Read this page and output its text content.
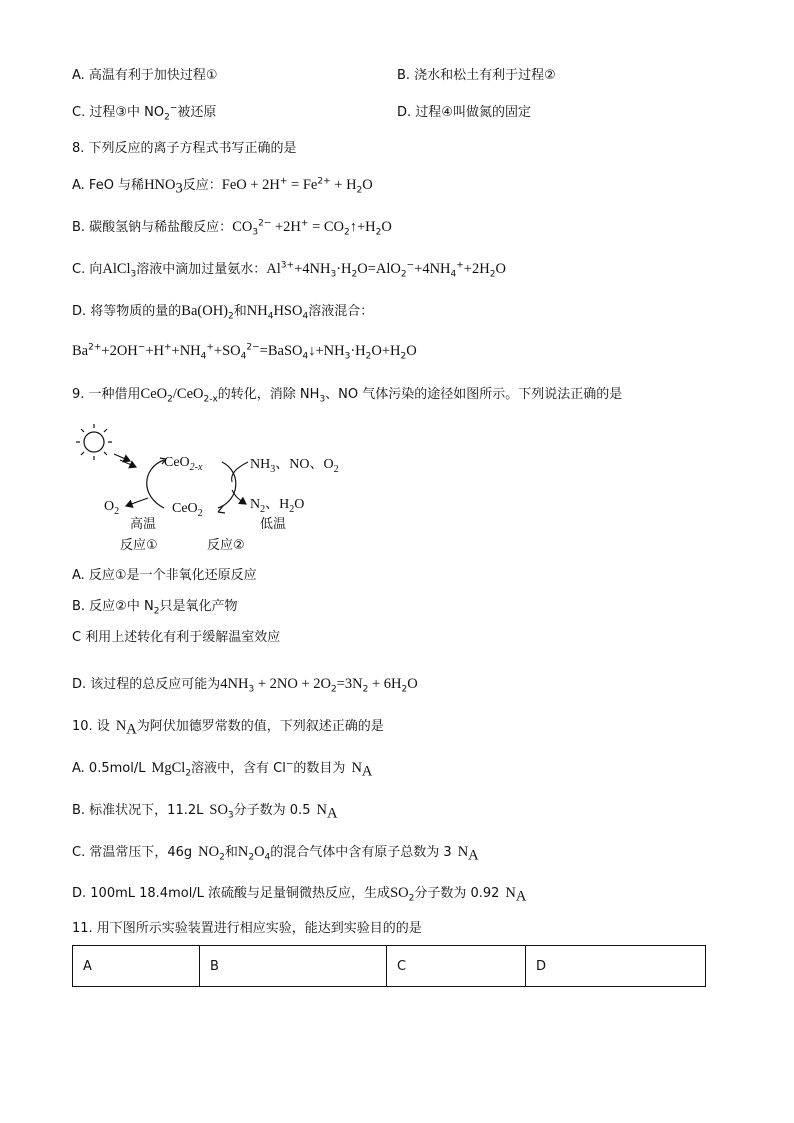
A. 高温有利于加快过程①	B. 浇水和松土有利于过程②
C. 过程③中 $NO_2^-$被还原	D. 过程④叫做氮的固定
8. 下列反应的离子方程式书写正确的是
A. FeO 与稀$HNO_3$反应：FeO + $2H^+ = Fe^{2+} + H_2O$
B. 碳酸氢钠与稀盐酸反应：$CO_3^{2-} +2H^+$ = $CO_2↑+H_2O$
C. 向AlCl$_3$溶液中滴加过量氨水：$Al^{3+}+4NH_3\cdot H_2O=AlO_2^-+4NH_4^++2H_2O$
D. 将等物质的量的$Ba(OH)_2$和$NH_4HSO_4$溶液混合：
$Ba^{2+}+2OH^-+H^++NH_4^++SO_4^{2-}=BaSO_4↓+NH_3\cdot H_2O+H_2O$
9. 一种借用CeO$_2$/CeO$_{2-x}$的转化，消除 $NH_3$、NO 气体污染的途径如图所示。下列说法正确的是
CeO$_{2-x}$
CeO$_2$
$O_2$
$NH_3$、NO、$O_2$
$N_2$、$H_2O$
高温	低温
反应①	反应②
A. 反应①是一个非氧化还原反应
B. 反应②中 $N_2$只是氧化产物
C 利用上述转化有利于缓解温室效应
D. 该过程的总反应可能为$4NH_3 + 2NO + 2O_2=3N_2 + 6H_2O$
10. 设 $N_A$为阿伏加德罗常数的值，下列叙述正确的是
A. 0.5mol/L MgCl$_2$溶液中，含有 Cl−的数目为 $N_A$
B. 标准状况下，11.2L $SO_3$分子数为 0.5 $N_A$
C. 常温常压下，46g $NO_2$和$N_2O_4$的混合气体中含有原子总数为 3 $N_A$
D. 100mL 18.4mol/L 浓硫酸与足量铜微热反应，生成$SO_2$分子数为 0.92 $N_A$
11. 用下图所示实验装置进行相应实验，能达到实验目的的是
A	B	C	D
